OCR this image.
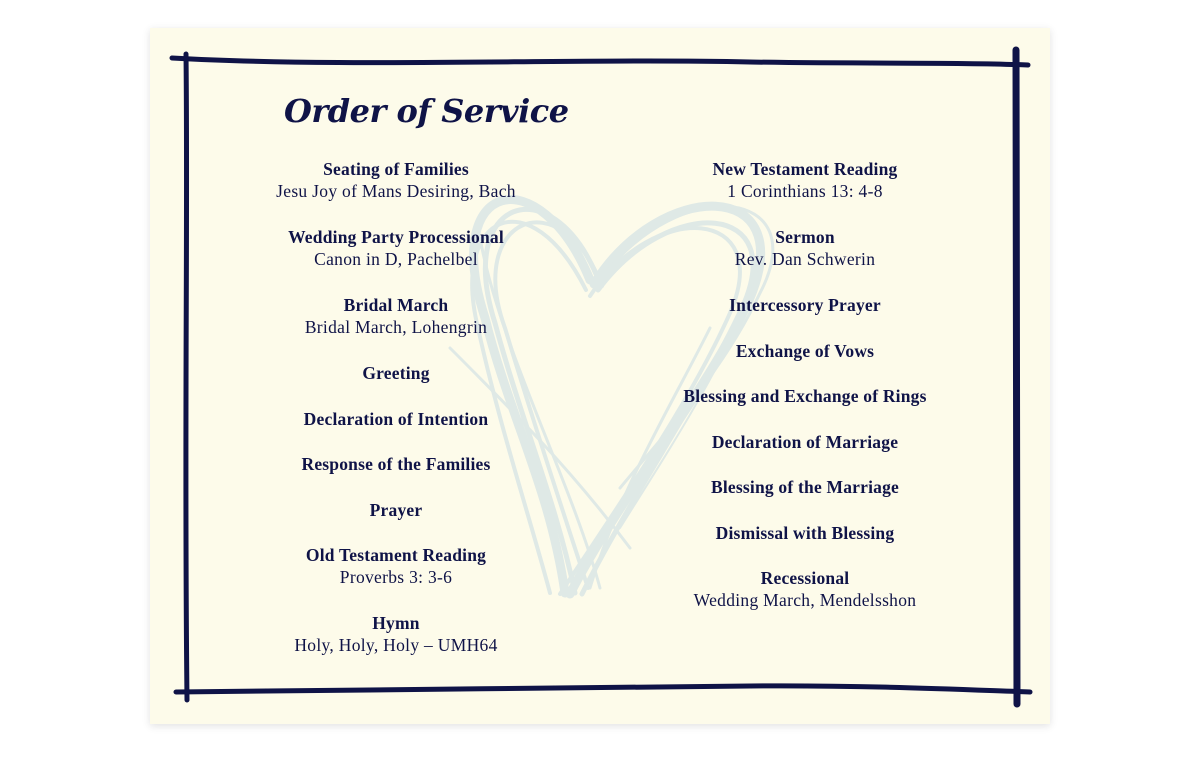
Order of Service
Seating of Families
Jesu Joy of Mans Desiring, Bach
Wedding Party Processional
Canon in D, Pachelbel
Bridal March
Bridal March, Lohengrin
Greeting
Declaration of Intention
Response of the Families
Prayer
Old Testament Reading
Proverbs 3: 3-6
Hymn
Holy, Holy, Holy – UMH64
New Testament Reading
1 Corinthians 13: 4-8
Sermon
Rev. Dan Schwerin
Intercessory Prayer
Exchange of Vows
Blessing and Exchange of Rings
Declaration of Marriage
Blessing of the Marriage
Dismissal with Blessing
Recessional
Wedding March, Mendelsshon
